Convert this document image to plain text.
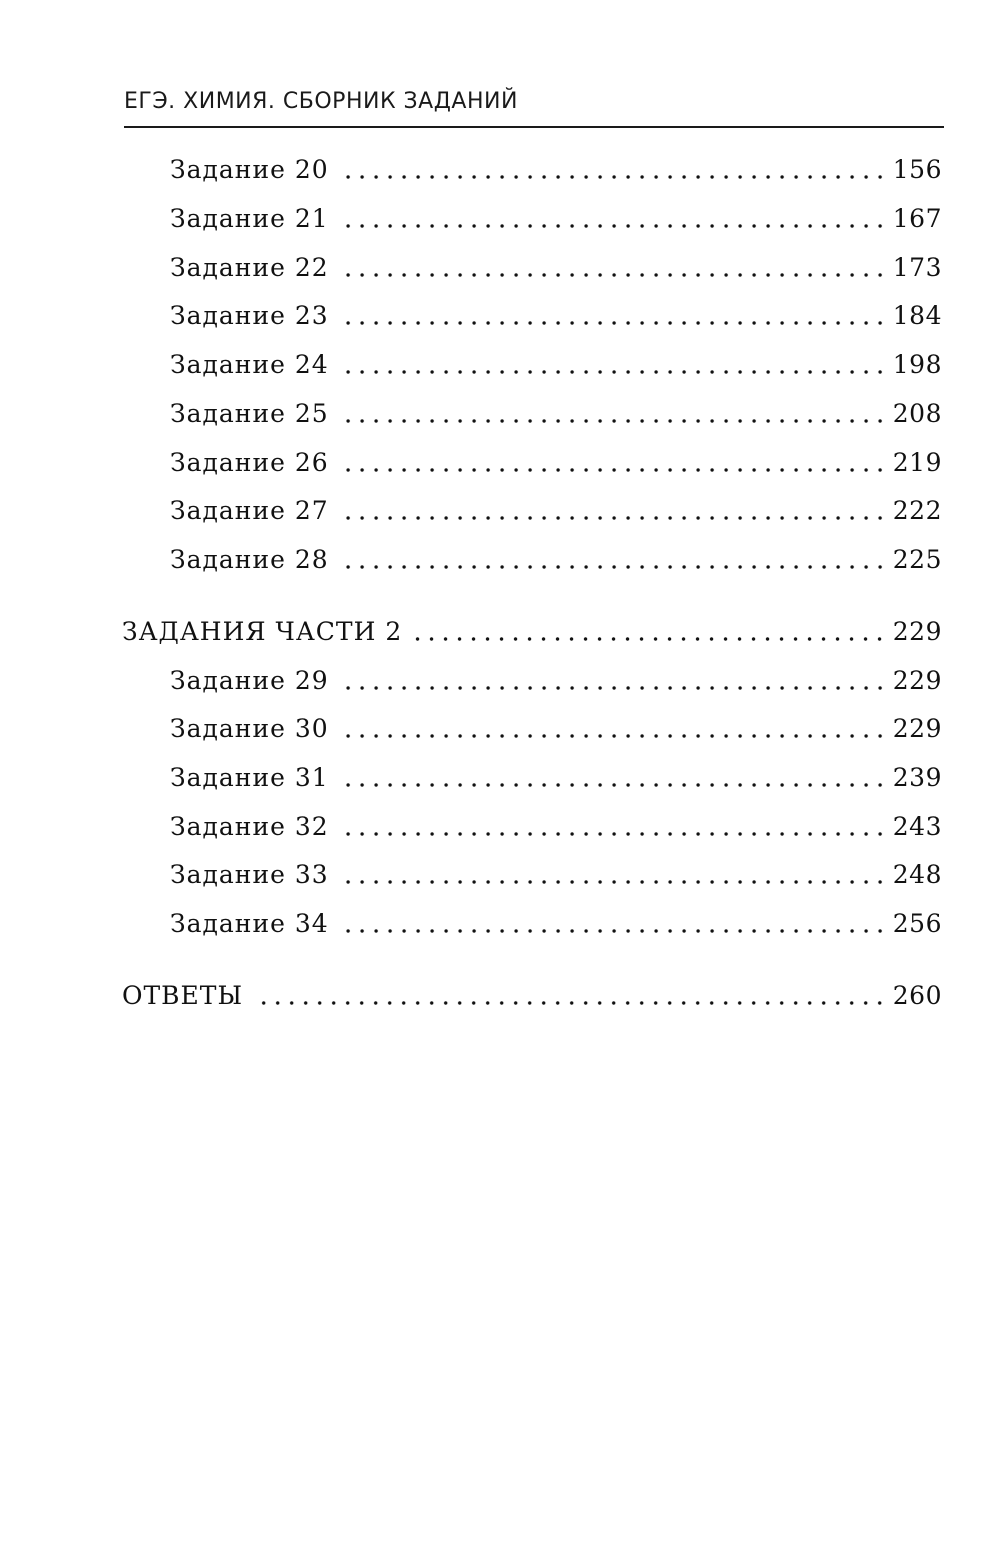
ЕГЭ. ХИМИЯ. СБОРНИК ЗАДАНИЙ
Задание 20	156
Задание 21	167
Задание 22	173
Задание 23	184
Задание 24	198
Задание 25	208
Задание 26	219
Задание 27	222
Задание 28	225
ЗАДАНИЯ ЧАСТИ 2	229
Задание 29	229
Задание 30	229
Задание 31	239
Задание 32	243
Задание 33	248
Задание 34	256
ОТВЕТЫ	260
